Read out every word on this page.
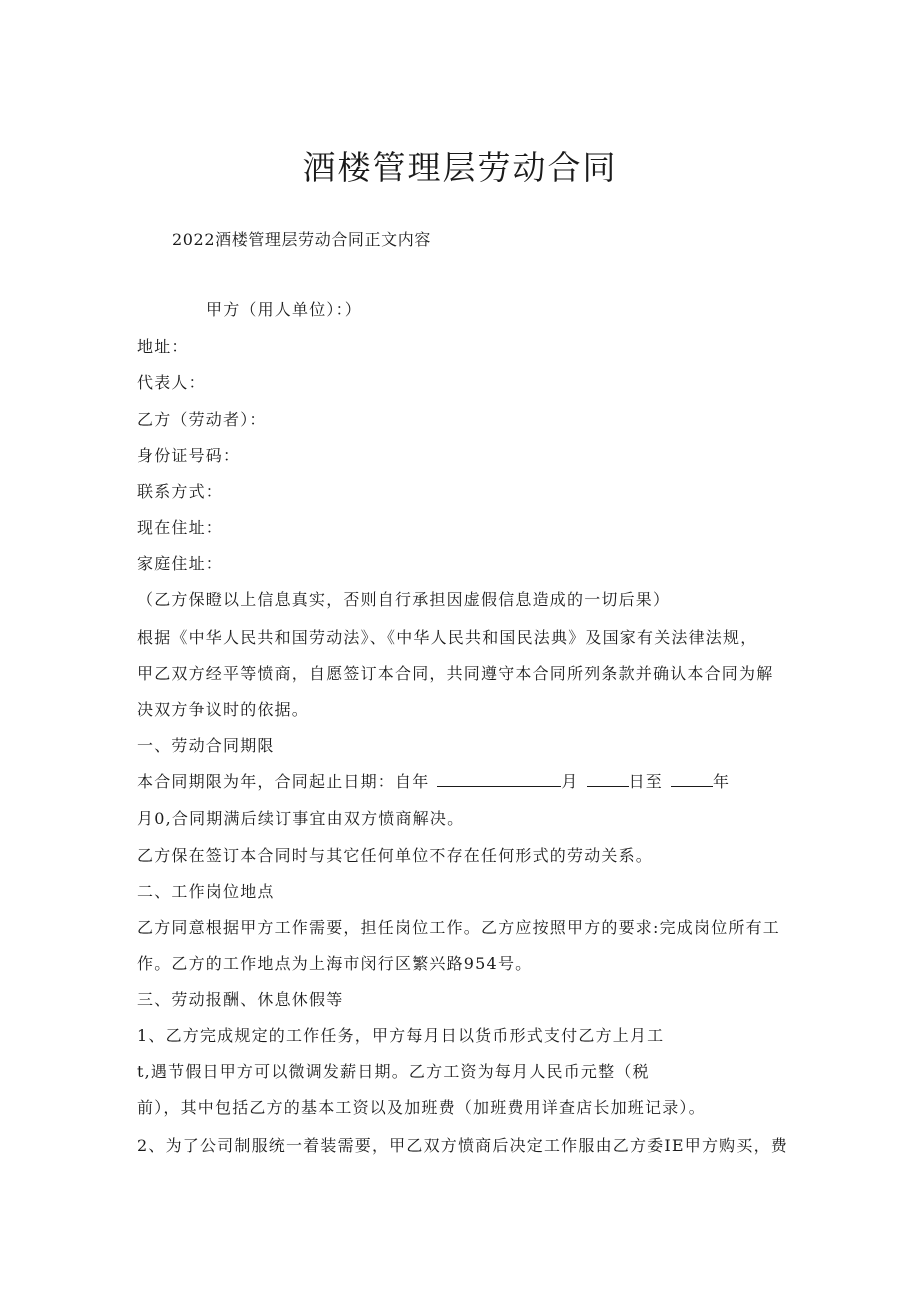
酒楼管理层劳动合同

2022酒楼管理层劳动合同正文内容

甲方（用人单位）：）

地址：

代表人：

乙方（劳动者）：

身份证号码：

联系方式：

现在住址：

家庭住址：

（乙方保瞪以上信息真实，否则自行承担因虚假信息造成的一切后果）

根据《中华人民共和国劳动法》、《中华人民共和国民法典》及国家有关法律法规，

甲乙双方经平等愤商，自愿签订本合同，共同遵守本合同所列条款并确认本合同为解

决双方争议时的依据。

一、劳动合同期限

本合同期限为年，合同起止日期：自年	月	日至	年

月0,合同期满后续订事宜由双方愤商解决。

乙方保在签订本合同时与其它任何单位不存在任何形式的劳动关系。

二、工作岗位地点

乙方同意根据甲方工作需要，担任岗位工作。乙方应按照甲方的要求:完成岗位所有工

作。乙方的工作地点为上海市闵行区繁兴路954号。

三、劳动报酬、休息休假等

1、乙方完成规定的工作任务，甲方每月日以货币形式支付乙方上月工

t,遇节假日甲方可以微调发薪日期。乙方工资为每月人民币元整（税

前），其中包括乙方的基本工资以及加班费（加班费用详查店长加班记录）。

2、为了公司制服统一着装需要，甲乙双方愤商后决定工作服由乙方委IE甲方购买，费
